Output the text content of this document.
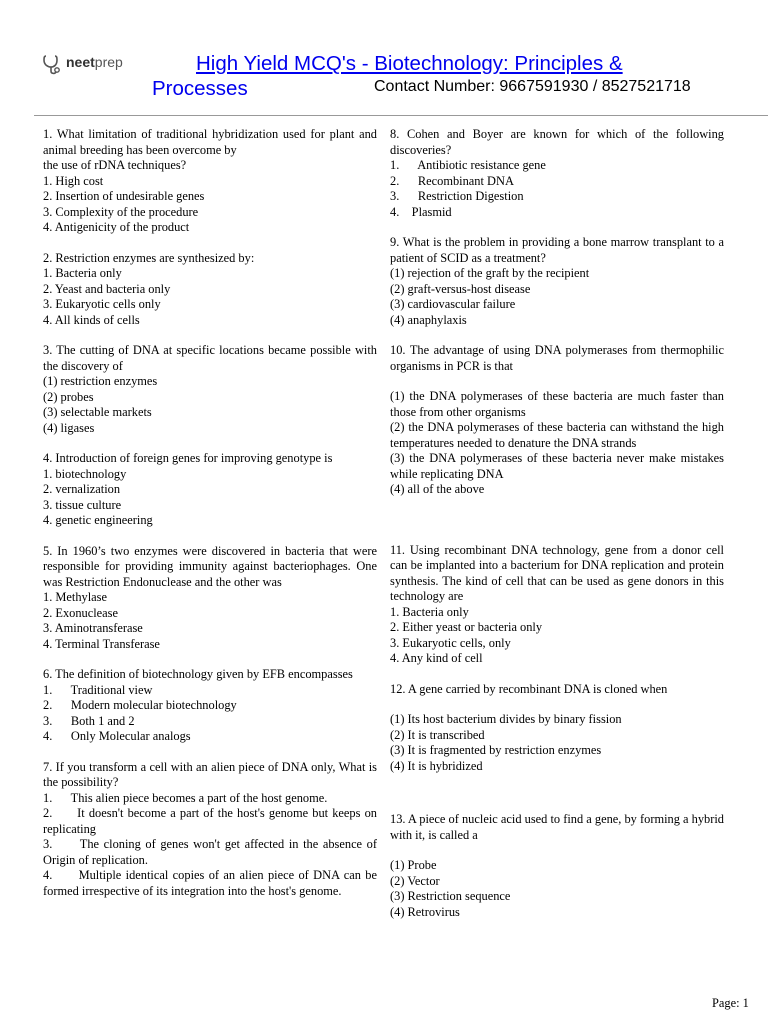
neetprep	High Yield MCQ's - Biotechnology: Principles &
Processes	Contact Number: 9667591930 / 8527521718
1. What limitation of traditional hybridization used for plant and animal breeding has been overcome by
the use of rDNA techniques?
1. High cost
2. Insertion of undesirable genes
3. Complexity of the procedure
4. Antigenicity of the product
2. Restriction enzymes are synthesized by:
1. Bacteria only
2. Yeast and bacteria only
3. Eukaryotic cells only
4. All kinds of cells
3. The cutting of DNA at specific locations became possible with the discovery of
(1) restriction enzymes
(2) probes
(3) selectable markets
(4) ligases
4. Introduction of foreign genes for improving genotype is
1. biotechnology
2. vernalization
3. tissue culture
4. genetic engineering
5. In 1960’s two enzymes were discovered in bacteria that were responsible for providing immunity against bacteriophages. One was Restriction Endonuclease and the other was
1. Methylase
2. Exonuclease
3. Aminotransferase
4. Terminal Transferase
6. The definition of biotechnology given by EFB encompasses
1.      Traditional view
2.      Modern molecular biotechnology
3.      Both 1 and 2
4.      Only Molecular analogs
7. If you transform a cell with an alien piece of DNA only, What is the possibility?
1.      This alien piece becomes a part of the host genome.
2.      It doesn't become a part of the host's genome but keeps on replicating
3.      The cloning of genes won't get affected in the absence of Origin of replication.
4.      Multiple identical copies of an alien piece of DNA can be formed irrespective of its integration into the host's genome.
8. Cohen and Boyer are known for which of the following discoveries?
1.      Antibiotic resistance gene
2.      Recombinant DNA
3.      Restriction Digestion
4.    Plasmid
9. What is the problem in providing a bone marrow transplant to a patient of SCID as a treatment?
(1) rejection of the graft by the recipient
(2) graft-versus-host disease
(3) cardiovascular failure
(4) anaphylaxis
10. The advantage of using DNA polymerases from thermophilic organisms in PCR is that
(1) the DNA polymerases of these bacteria are much faster than those from other organisms
(2) the DNA polymerases of these bacteria can withstand the high temperatures needed to denature the DNA strands
(3) the DNA polymerases of these bacteria never make mistakes while replicating DNA
(4) all of the above
11. Using recombinant DNA technology, gene from a donor cell can be implanted into a bacterium for DNA replication and protein synthesis. The kind of cell that can be used as gene donors in this technology are
1. Bacteria only
2. Either yeast or bacteria only
3. Eukaryotic cells, only
4. Any kind of cell
12. A gene carried by recombinant DNA is cloned when
(1) Its host bacterium divides by binary fission
(2) It is transcribed
(3) It is fragmented by restriction enzymes
(4) It is hybridized
13. A piece of nucleic acid used to find a gene, by forming a hybrid with it, is called a
(1) Probe
(2) Vector
(3) Restriction sequence
(4) Retrovirus
Page: 1
